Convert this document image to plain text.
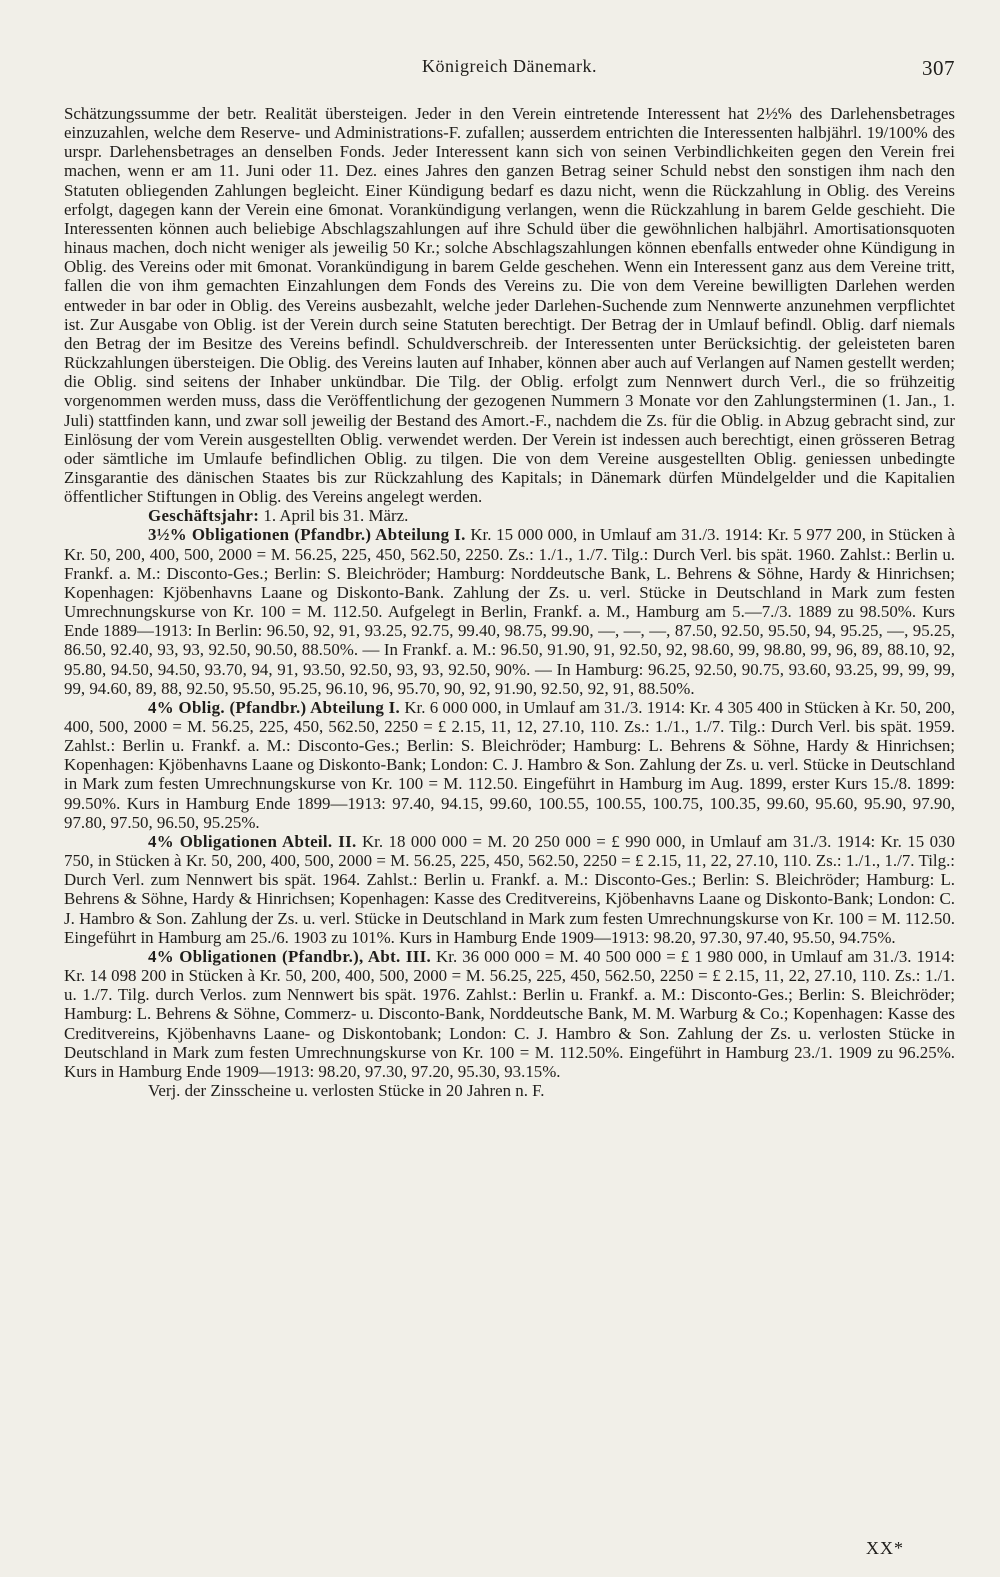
Königreich Dänemark.	307

Schätzungssumme der betr. Realität übersteigen. Jeder in den Verein eintretende Interessent hat 2½% des Darlehensbetrages einzuzahlen, welche dem Reserve- und Administrations-F. zufallen; ausserdem entrichten die Interessenten halbjährl. 19/100% des urspr. Darlehensbetrages an denselben Fonds. Jeder Interessent kann sich von seinen Verbindlichkeiten gegen den Verein frei machen, wenn er am 11. Juni oder 11. Dez. eines Jahres den ganzen Betrag seiner Schuld nebst den sonstigen ihm nach den Statuten obliegenden Zahlungen begleicht. Einer Kündigung bedarf es dazu nicht, wenn die Rückzahlung in Oblig. des Vereins erfolgt, dagegen kann der Verein eine 6monat. Vorankündigung verlangen, wenn die Rückzahlung in barem Gelde geschieht. Die Interessenten können auch beliebige Abschlagszahlungen auf ihre Schuld über die gewöhnlichen halbjährl. Amortisationsquoten hinaus machen, doch nicht weniger als jeweilig 50 Kr.; solche Abschlagszahlungen können ebenfalls entweder ohne Kündigung in Oblig. des Vereins oder mit 6monat. Vorankündigung in barem Gelde geschehen. Wenn ein Interessent ganz aus dem Vereine tritt, fallen die von ihm gemachten Einzahlungen dem Fonds des Vereins zu. Die von dem Vereine bewilligten Darlehen werden entweder in bar oder in Oblig. des Vereins ausbezahlt, welche jeder Darlehen-Suchende zum Nennwerte anzunehmen verpflichtet ist. Zur Ausgabe von Oblig. ist der Verein durch seine Statuten berechtigt. Der Betrag der in Umlauf befindl. Oblig. darf niemals den Betrag der im Besitze des Vereins befindl. Schuldverschreib. der Interessenten unter Berücksichtig. der geleisteten baren Rückzahlungen übersteigen. Die Oblig. des Vereins lauten auf Inhaber, können aber auch auf Verlangen auf Namen gestellt werden; die Oblig. sind seitens der Inhaber unkündbar. Die Tilg. der Oblig. erfolgt zum Nennwert durch Verl., die so frühzeitig vorgenommen werden muss, dass die Veröffentlichung der gezogenen Nummern 3 Monate vor den Zahlungsterminen (1. Jan., 1. Juli) stattfinden kann, und zwar soll jeweilig der Bestand des Amort.-F., nachdem die Zs. für die Oblig. in Abzug gebracht sind, zur Einlösung der vom Verein ausgestellten Oblig. verwendet werden. Der Verein ist indessen auch berechtigt, einen grösseren Betrag oder sämtliche im Umlaufe befindlichen Oblig. zu tilgen. Die von dem Vereine ausgestellten Oblig. geniessen unbedingte Zinsgarantie des dänischen Staates bis zur Rückzahlung des Kapitals; in Dänemark dürfen Mündelgelder und die Kapitalien öffentlicher Stiftungen in Oblig. des Vereins angelegt werden.

Geschäftsjahr: 1. April bis 31. März.

3½% Obligationen (Pfandbr.) Abteilung I. Kr. 15 000 000, in Umlauf am 31./3. 1914: Kr. 5 977 200, in Stücken à Kr. 50, 200, 400, 500, 2000 = M. 56.25, 225, 450, 562.50, 2250. Zs.: 1./1., 1./7. Tilg.: Durch Verl. bis spät. 1960. Zahlst.: Berlin u. Frankf. a. M.: Disconto-Ges.; Berlin: S. Bleichröder; Hamburg: Norddeutsche Bank, L. Behrens & Söhne, Hardy & Hinrichsen; Kopenhagen: Kjöbenhavns Laane og Diskonto-Bank. Zahlung der Zs. u. verl. Stücke in Deutschland in Mark zum festen Umrechnungskurse von Kr. 100 = M. 112.50. Aufgelegt in Berlin, Frankf. a. M., Hamburg am 5.—7./3. 1889 zu 98.50%. Kurs Ende 1889—1913: In Berlin: 96.50, 92, 91, 93.25, 92.75, 99.40, 98.75, 99.90, —, —, —, 87.50, 92.50, 95.50, 94, 95.25, —, 95.25, 86.50, 92.40, 93, 93, 92.50, 90.50, 88.50%. — In Frankf. a. M.: 96.50, 91.90, 91, 92.50, 92, 98.60, 99, 98.80, 99, 96, 89, 88.10, 92, 95.80, 94.50, 94.50, 93.70, 94, 91, 93.50, 92.50, 93, 93, 92.50, 90%. — In Hamburg: 96.25, 92.50, 90.75, 93.60, 93.25, 99, 99, 99, 99, 94.60, 89, 88, 92.50, 95.50, 95.25, 96.10, 96, 95.70, 90, 92, 91.90, 92.50, 92, 91, 88.50%.

4% Oblig. (Pfandbr.) Abteilung I. Kr. 6 000 000, in Umlauf am 31./3. 1914: Kr. 4 305 400 in Stücken à Kr. 50, 200, 400, 500, 2000 = M. 56.25, 225, 450, 562.50, 2250 = £ 2.15, 11, 12, 27.10, 110. Zs.: 1./1., 1./7. Tilg.: Durch Verl. bis spät. 1959. Zahlst.: Berlin u. Frankf. a. M.: Disconto-Ges.; Berlin: S. Bleichröder; Hamburg: L. Behrens & Söhne, Hardy & Hinrichsen; Kopenhagen: Kjöbenhavns Laane og Diskonto-Bank; London: C. J. Hambro & Son. Zahlung der Zs. u. verl. Stücke in Deutschland in Mark zum festen Umrechnungskurse von Kr. 100 = M. 112.50. Eingeführt in Hamburg im Aug. 1899, erster Kurs 15./8. 1899: 99.50%. Kurs in Hamburg Ende 1899—1913: 97.40, 94.15, 99.60, 100.55, 100.55, 100.75, 100.35, 99.60, 95.60, 95.90, 97.90, 97.80, 97.50, 96.50, 95.25%.

4% Obligationen Abteil. II. Kr. 18 000 000 = M. 20 250 000 = £ 990 000, in Umlauf am 31./3. 1914: Kr. 15 030 750, in Stücken à Kr. 50, 200, 400, 500, 2000 = M. 56.25, 225, 450, 562.50, 2250 = £ 2.15, 11, 22, 27.10, 110. Zs.: 1./1., 1./7. Tilg.: Durch Verl. zum Nennwert bis spät. 1964. Zahlst.: Berlin u. Frankf. a. M.: Disconto-Ges.; Berlin: S. Bleichröder; Hamburg: L. Behrens & Söhne, Hardy & Hinrichsen; Kopenhagen: Kasse des Creditvereins, Kjöbenhavns Laane og Diskonto-Bank; London: C. J. Hambro & Son. Zahlung der Zs. u. verl. Stücke in Deutschland in Mark zum festen Umrechnungskurse von Kr. 100 = M. 112.50. Eingeführt in Hamburg am 25./6. 1903 zu 101%. Kurs in Hamburg Ende 1909—1913: 98.20, 97.30, 97.40, 95.50, 94.75%.

4% Obligationen (Pfandbr.), Abt. III. Kr. 36 000 000 = M. 40 500 000 = £ 1 980 000, in Umlauf am 31./3. 1914: Kr. 14 098 200 in Stücken à Kr. 50, 200, 400, 500, 2000 = M. 56.25, 225, 450, 562.50, 2250 = £ 2.15, 11, 22, 27.10, 110. Zs.: 1./1. u. 1./7. Tilg. durch Verlos. zum Nennwert bis spät. 1976. Zahlst.: Berlin u. Frankf. a. M.: Disconto-Ges.; Berlin: S. Bleichröder; Hamburg: L. Behrens & Söhne, Commerz- u. Disconto-Bank, Norddeutsche Bank, M. M. Warburg & Co.; Kopenhagen: Kasse des Creditvereins, Kjöbenhavns Laane- og Diskontobank; London: C. J. Hambro & Son. Zahlung der Zs. u. verlosten Stücke in Deutschland in Mark zum festen Umrechnungskurse von Kr. 100 = M. 112.50%. Eingeführt in Hamburg 23./1. 1909 zu 96.25%. Kurs in Hamburg Ende 1909—1913: 98.20, 97.30, 97.20, 95.30, 93.15%.

Verj. der Zinsscheine u. verlosten Stücke in 20 Jahren n. F.

XX*
